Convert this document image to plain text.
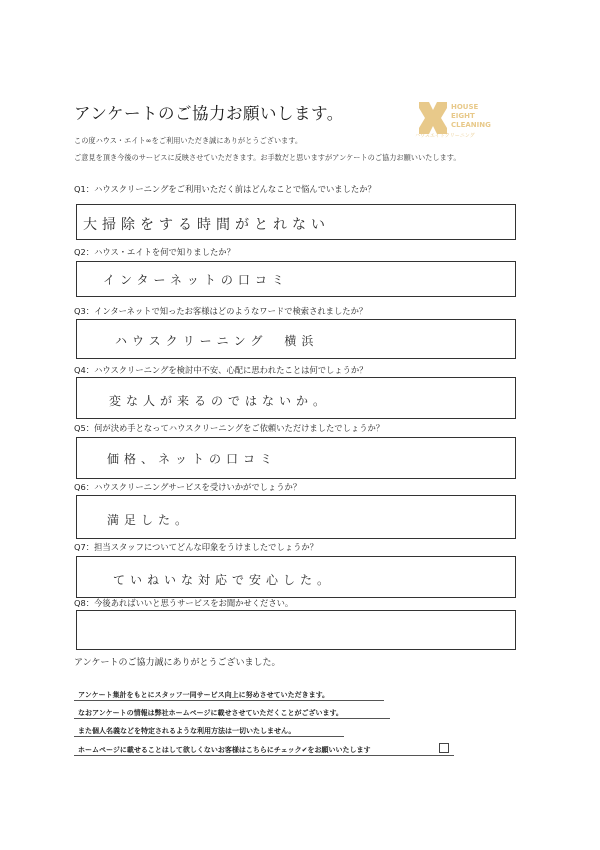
アンケートのご協力お願いします。	HOUSE
EIGHT
CLEANING
ハウスエイトクリーニング
この度ハウス・エイト∞をご利用いただき誠にありがとうございます。
ご意見を頂き今後のサービスに反映させていただきます。お手数だと思いますがアンケートのご協力お願いいたします。
Q1：ハウスクリーニングをご利用いただく前はどんなことで悩んでいましたか？
大掃除をする時間がとれない
Q2：ハウス・エイトを何で知りましたか？
インターネットの口コミ
Q3：インターネットで知ったお客様はどのようなワードで検索されましたか？
ハウスクリーニング　横浜
Q4：ハウスクリーニングを検討中不安、心配に思われたことは何でしょうか？
変な人が来るのではないか。
Q5：何が決め手となってハウスクリーニングをご依頼いただけましたでしょうか？
価格、ネットの口コミ
Q6：ハウスクリーニングサービスを受けいかがでしょうか？
満足した。
Q7：担当スタッフについてどんな印象をうけましたでしょうか？
ていねいな対応で安心した。
Q8：今後あればいいと思うサービスをお聞かせください。
アンケートのご協力誠にありがとうございました。
アンケート集計をもとにスタッフ一同サービス向上に努めさせていただきます。
なおアンケートの情報は弊社ホームページに載せさせていただくことがございます。
また個人名義などを特定されるような利用方法は一切いたしません。
ホームページに載せることはして欲しくないお客様はこちらにチェック✔をお願いいたします
